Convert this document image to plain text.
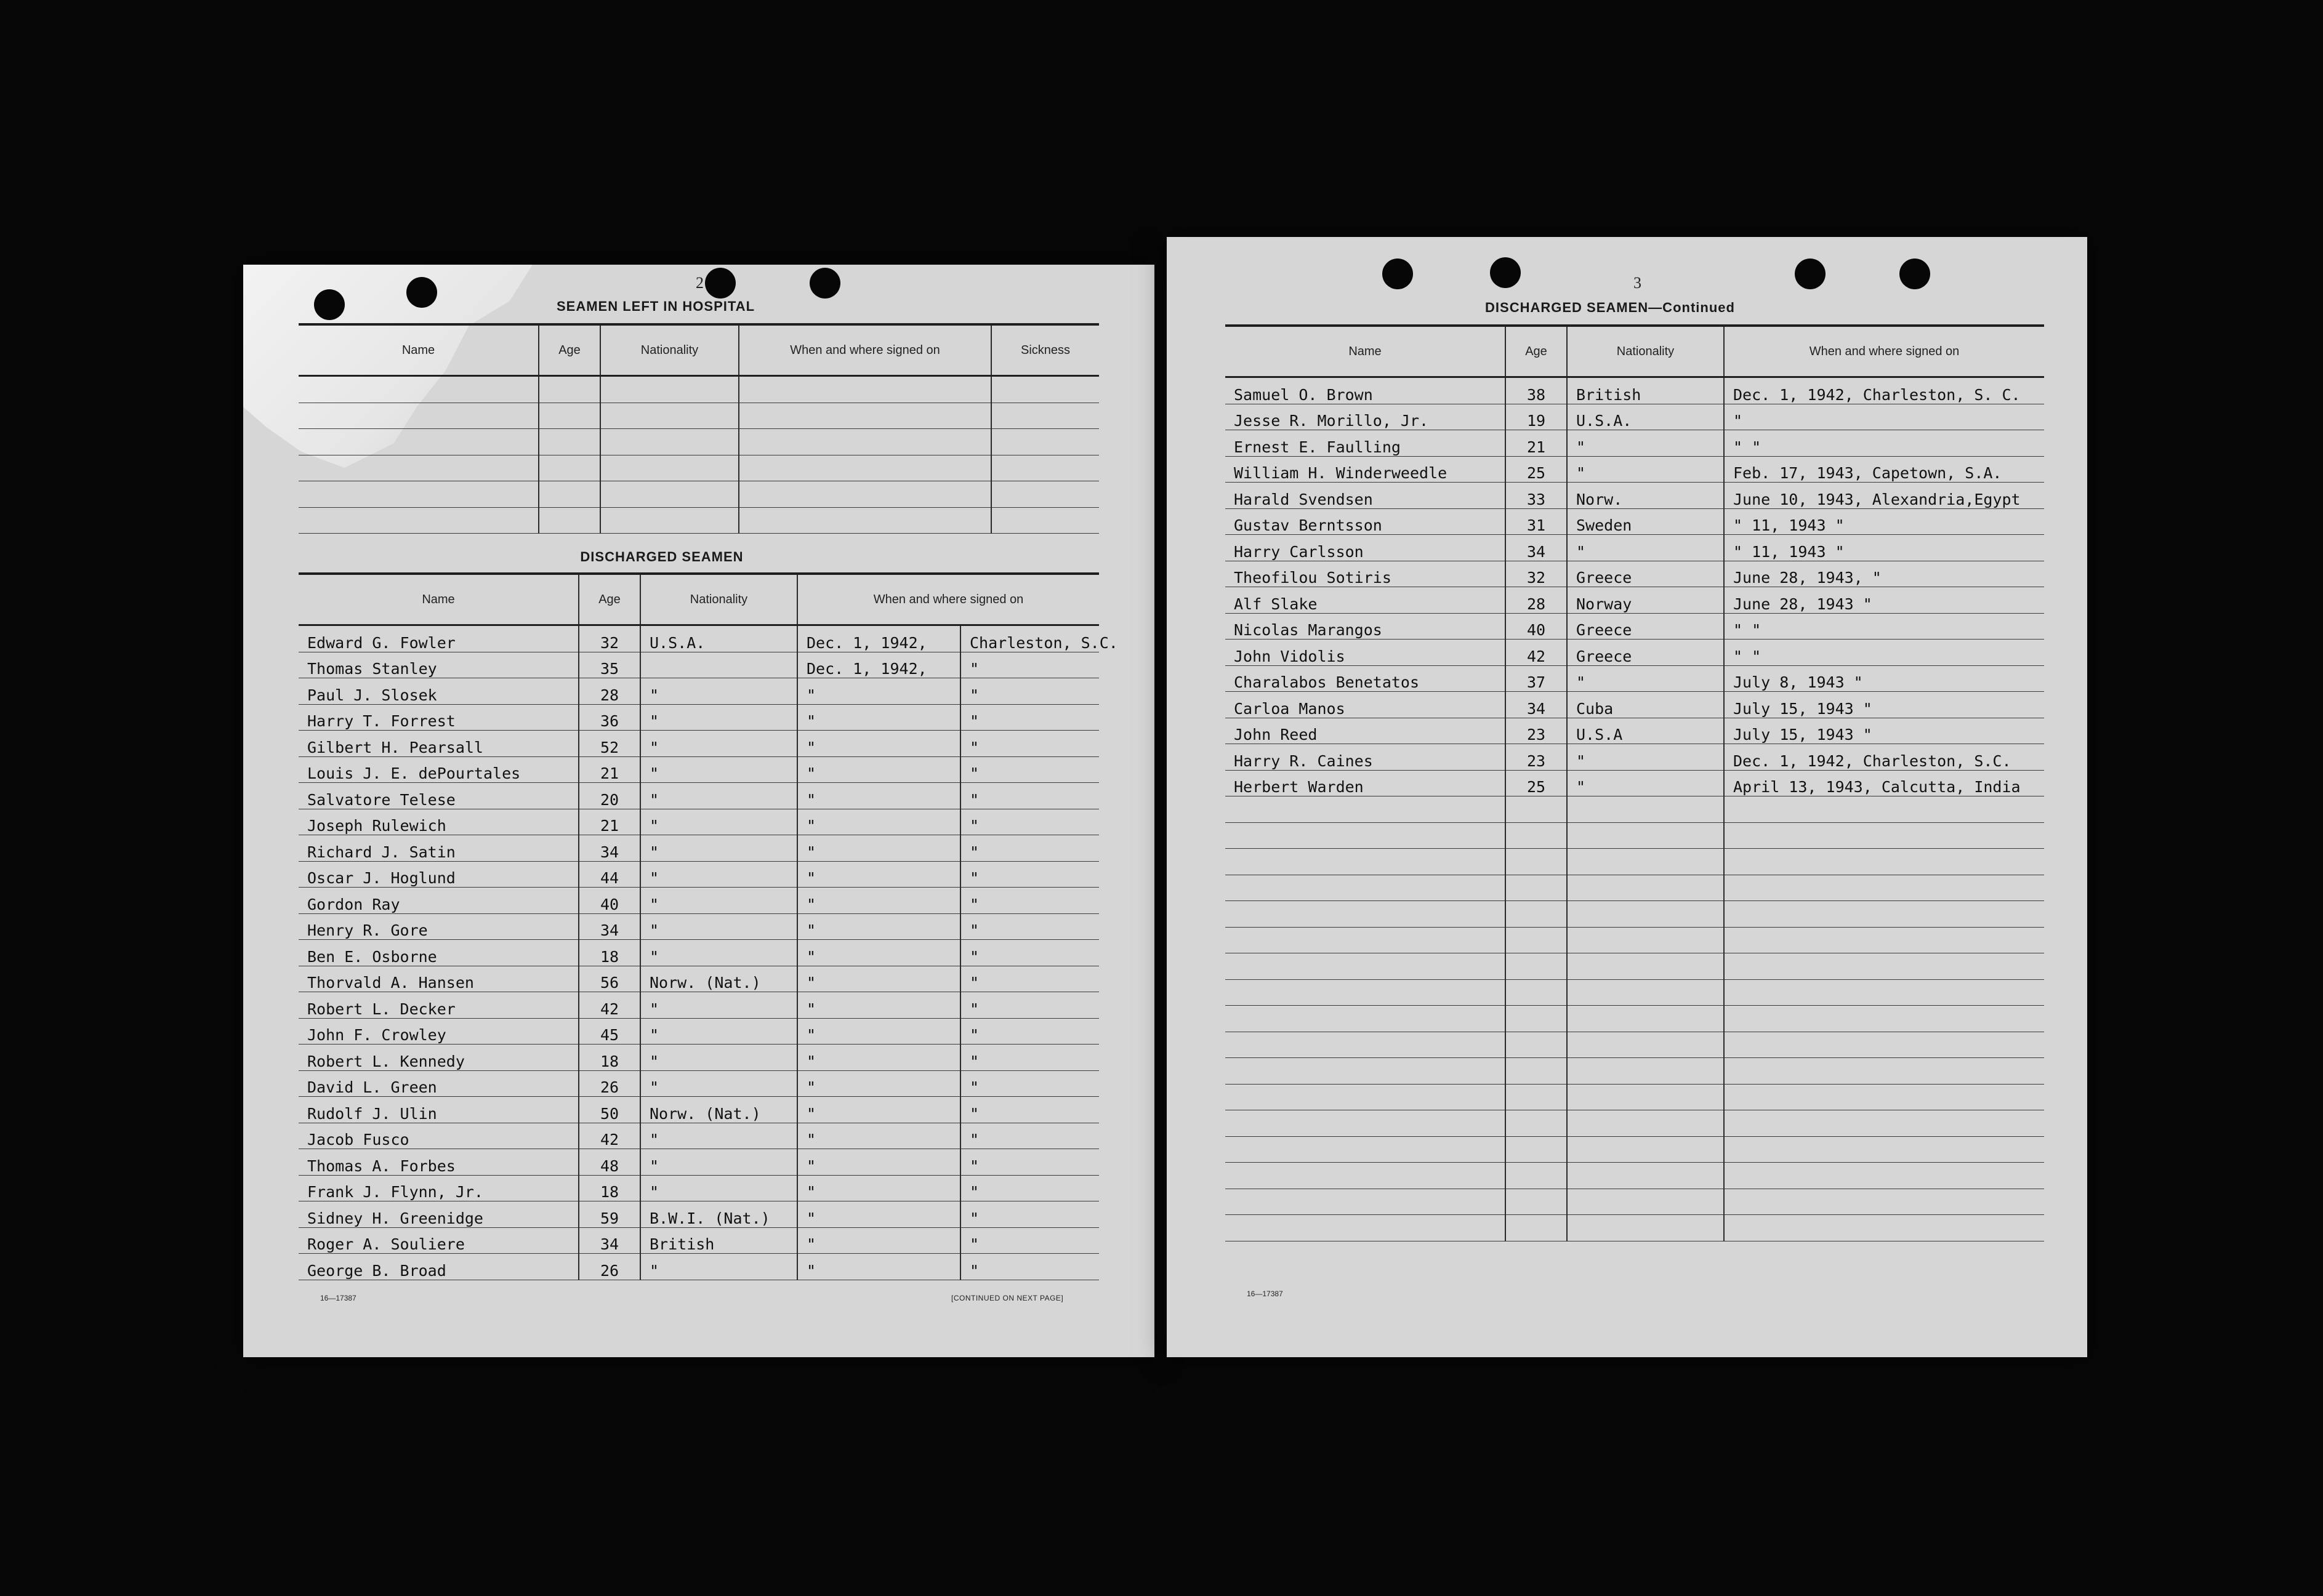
2
SEAMEN LEFT IN HOSPITAL
Name	Age	Nationality	When and where signed on	Sickness

DISCHARGED SEAMEN
Name	Age	Nationality	When and where signed on	
Edward G. Fowler	32	U.S.A.	Dec. 1, 1942,	Charleston, S.C.
Thomas Stanley	35		Dec. 1, 1942,	"
Paul J. Slosek	28	"	"	"
Harry T. Forrest	36	"	"	"
Gilbert H. Pearsall	52	"	"	"
Louis J. E. dePourtales	21	"	"	"
Salvatore Telese	20	"	"	"
Joseph Rulewich	21	"	"	"
Richard J. Satin	34	"	"	"
Oscar J. Hoglund	44	"	"	"
Gordon Ray	40	"	"	"
Henry R. Gore	34	"	"	"
Ben E. Osborne	18	"	"	"
Thorvald A. Hansen	56	Norw. (Nat.)	"	"
Robert L. Decker	42	"	"	"
John F. Crowley	45	"	"	"
Robert L. Kennedy	18	"	"	"
David L. Green	26	"	"	"
Rudolf J. Ulin	50	Norw. (Nat.)	"	"
Jacob Fusco	42	"	"	"
Thomas A. Forbes	48	"	"	"
Frank J. Flynn, Jr.	18	"	"	"
Sidney H. Greenidge	59	B.W.I. (Nat.)	"	"
Roger A. Souliere	34	British	"	"
George B. Broad	26	"	"	"
16—17387	[CONTINUED ON NEXT PAGE]
3
DISCHARGED SEAMEN—Continued
Name	Age	Nationality	When and where signed on
Samuel O. Brown	38	British	Dec. 1, 1942, Charleston, S. C.
Jesse R. Morillo, Jr.	19	U.S.A.	"
Ernest E. Faulling	21	"	" "
William H. Winderweedle	25	"	Feb. 17, 1943, Capetown, S.A.
Harald Svendsen	33	Norw.	June 10, 1943, Alexandria,Egypt
Gustav Berntsson	31	Sweden	" 11, 1943 "
Harry Carlsson	34	"	" 11, 1943 "
Theofilou Sotiris	32	Greece	June 28, 1943, "
Alf Slake	28	Norway	June 28, 1943 "
Nicolas Marangos	40	Greece	" "
John Vidolis	42	Greece	" "
Charalabos Benetatos	37	"	July 8, 1943 "
Carloa Manos	34	Cuba	July 15, 1943 "
John Reed	23	U.S.A	July 15, 1943 "
Harry R. Caines	23	"	Dec. 1, 1942, Charleston, S.C.
Herbert Warden	25	"	April 13, 1943, Calcutta, India

16—17387
